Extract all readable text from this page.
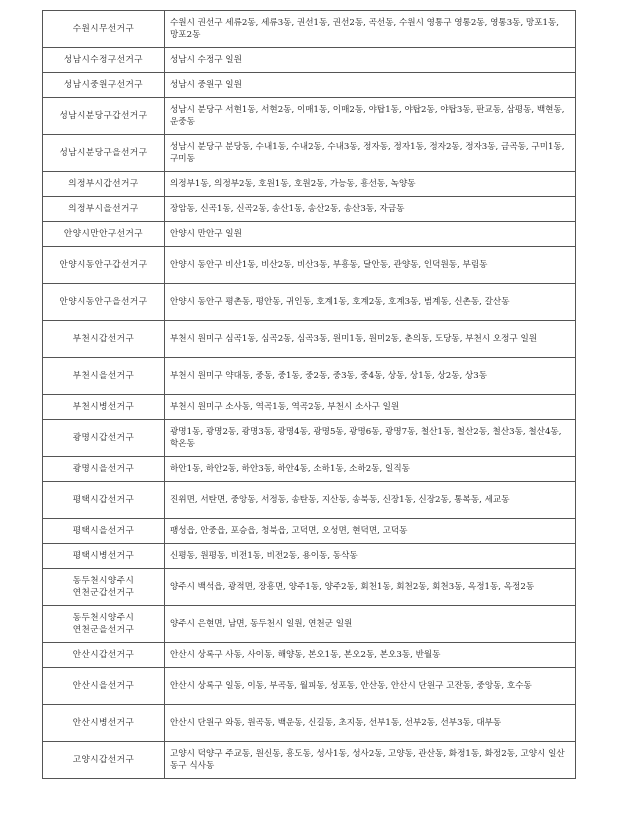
수원시무선거구	수원시 권선구 세류2동, 세류3동, 권선1동, 권선2동, 곡선동, 수원시 영통구 영통2동, 영통3동, 망포1동, 망포2동
성남시수정구선거구	성남시 수정구 일원
성남시중원구선거구	성남시 중원구 일원
성남시분당구갑선거구	성남시 분당구 서현1동, 서현2동, 이매1동, 이매2동, 야탑1동, 야탑2동, 야탑3동, 판교동, 삼평동, 백현동, 운중동
성남시분당구을선거구	성남시 분당구 분당동, 수내1동, 수내2동, 수내3동, 정자동, 정자1동, 정자2동, 정자3동, 금곡동, 구미1동, 구미동
의정부시갑선거구	의정부1동, 의정부2동, 호원1동, 호원2동, 가능동, 흥선동, 녹양동
의정부시을선거구	장암동, 신곡1동, 신곡2동, 송산1동, 송산2동, 송산3동, 자금동
안양시만안구선거구	안양시 만안구 일원
안양시동안구갑선거구	안양시 동안구 비산1동, 비산2동, 비산3동, 부흥동, 달안동, 관양동, 인덕원동, 부림동
안양시동안구을선거구	안양시 동안구 평촌동, 평안동, 귀인동, 호계1동, 호계2동, 호계3동, 범계동, 신촌동, 갈산동
부천시갑선거구	부천시 원미구 심곡1동, 심곡2동, 심곡3동, 원미1동, 원미2동, 춘의동, 도당동, 부천시 오정구 일원
부천시을선거구	부천시 원미구 약대동, 중동, 중1동, 중2동, 중3동, 중4동, 상동, 상1동, 상2동, 상3동
부천시병선거구	부천시 원미구 소사동, 역곡1동, 역곡2동, 부천시 소사구 일원
광명시갑선거구	광명1동, 광명2동, 광명3동, 광명4동, 광명5동, 광명6동, 광명7동, 철산1동, 철산2동, 철산3동, 철산4동, 학온동
광명시을선거구	하안1동, 하안2동, 하안3동, 하안4동, 소하1동, 소하2동, 일직동
평택시갑선거구	진위면, 서탄면, 중앙동, 서정동, 송탄동, 지산동, 송북동, 신장1동, 신장2동, 통복동, 세교동
평택시을선거구	팽성읍, 안중읍, 포승읍, 청북읍, 고덕면, 오성면, 현덕면, 고덕동
평택시병선거구	신평동, 원평동, 비전1동, 비전2동, 용이동, 동삭동
동두천시양주시
연천군갑선거구	양주시 백석읍, 광적면, 장흥면, 양주1동, 양주2동, 회천1동, 회천2동, 회천3동, 옥정1동, 옥정2동
동두천시양주시
연천군을선거구	양주시 은현면, 남면, 동두천시 일원, 연천군 일원
안산시갑선거구	안산시 상록구 사동, 사이동, 해양동, 본오1동, 본오2동, 본오3동, 반월동
안산시을선거구	안산시 상록구 일동, 이동, 부곡동, 월피동, 성포동, 안산동, 안산시 단원구 고잔동, 중앙동, 호수동
안산시병선거구	안산시 단원구 와동, 원곡동, 백운동, 신길동, 초지동, 선부1동, 선부2동, 선부3동, 대부동
고양시갑선거구	고양시 덕양구 주교동, 원신동, 흥도동, 성사1동, 성사2동, 고양동, 관산동, 화정1동, 화정2동, 고양시 일산동구 식사동
